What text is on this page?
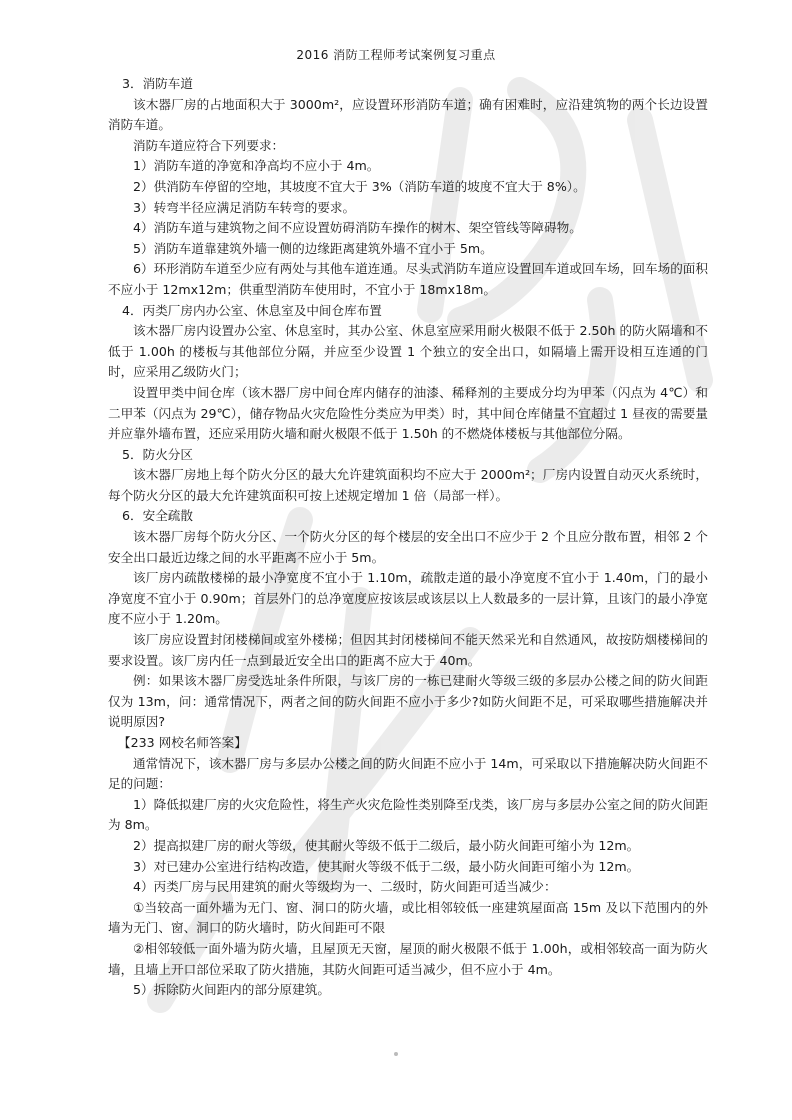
2016 消防工程师考试案例复习重点

3．消防车道

该木器厂房的占地面积大于 3000m²，应设置环形消防车道；确有困难时，应沿建筑物的两个长边设置消防车道。

消防车道应符合下列要求：

1）消防车道的净宽和净高均不应小于 4m。

2）供消防车停留的空地，其坡度不宜大于 3%（消防车道的坡度不宜大于 8%）。

3）转弯半径应满足消防车转弯的要求。

4）消防车道与建筑物之间不应设置妨碍消防车操作的树木、架空管线等障碍物。

5）消防车道靠建筑外墙一侧的边缘距离建筑外墙不宜小于 5m。

6）环形消防车道至少应有两处与其他车道连通。尽头式消防车道应设置回车道或回车场，回车场的面积不应小于 12mx12m；供重型消防车使用时，不宜小于 18mx18m。

4．丙类厂房内办公室、休息室及中间仓库布置

该木器厂房内设置办公室、休息室时，其办公室、休息室应采用耐火极限不低于 2.50h 的防火隔墙和不低于 1.00h 的楼板与其他部位分隔，并应至少设置 1 个独立的安全出口，如隔墙上需开设相互连通的门时，应采用乙级防火门；

设置甲类中间仓库（该木器厂房中间仓库内储存的油漆、稀释剂的主要成分均为甲苯（闪点为 4℃）和二甲苯（闪点为 29℃），储存物品火灾危险性分类应为甲类）时，其中间仓库储量不宜超过 1 昼夜的需要量并应靠外墙布置，还应采用防火墙和耐火极限不低于 1.50h 的不燃烧体楼板与其他部位分隔。

5．防火分区

该木器厂房地上每个防火分区的最大允许建筑面积均不应大于 2000m²；厂房内设置自动灭火系统时，每个防火分区的最大允许建筑面积可按上述规定增加 1 倍（局部一样）。

6．安全疏散

该木器厂房每个防火分区、一个防火分区的每个楼层的安全出口不应少于 2 个且应分散布置，相邻 2 个安全出口最近边缘之间的水平距离不应小于 5m。

该厂房内疏散楼梯的最小净宽度不宜小于 1.10m，疏散走道的最小净宽度不宜小于 1.40m，门的最小净宽度不宜小于 0.90m；首层外门的总净宽度应按该层或该层以上人数最多的一层计算，且该门的最小净宽度不应小于 1.20m。

该厂房应设置封闭楼梯间或室外楼梯；但因其封闭楼梯间不能天然采光和自然通风，故按防烟楼梯间的要求设置。该厂房内任一点到最近安全出口的距离不应大于 40m。

例：如果该木器厂房受选址条件所限，与该厂房的一栋已建耐火等级三级的多层办公楼之间的防火间距仅为 13m，问：通常情况下，两者之间的防火间距不应小于多少?如防火间距不足，可采取哪些措施解决并说明原因?

【233 网校名师答案】

通常情况下，该木器厂房与多层办公楼之间的防火间距不应小于 14m，可采取以下措施解决防火间距不足的问题：

1）降低拟建厂房的火灾危险性，将生产火灾危险性类别降至戊类，该厂房与多层办公室之间的防火间距为 8m。

2）提高拟建厂房的耐火等级，使其耐火等级不低于二级后，最小防火间距可缩小为 12m。

3）对已建办公室进行结构改造，使其耐火等级不低于二级，最小防火间距可缩小为 12m。

4）丙类厂房与民用建筑的耐火等级均为一、二级时，防火间距可适当减少：

①当较高一面外墙为无门、窗、洞口的防火墙，或比相邻较低一座建筑屋面高 15m 及以下范围内的外墙为无门、窗、洞口的防火墙时，防火间距可不限

②相邻较低一面外墙为防火墙，且屋顶无天窗，屋顶的耐火极限不低于 1.00h，或相邻较高一面为防火墙，且墙上开口部位采取了防火措施，其防火间距可适当减少，但不应小于 4m。

5）拆除防火间距内的部分原建筑。
